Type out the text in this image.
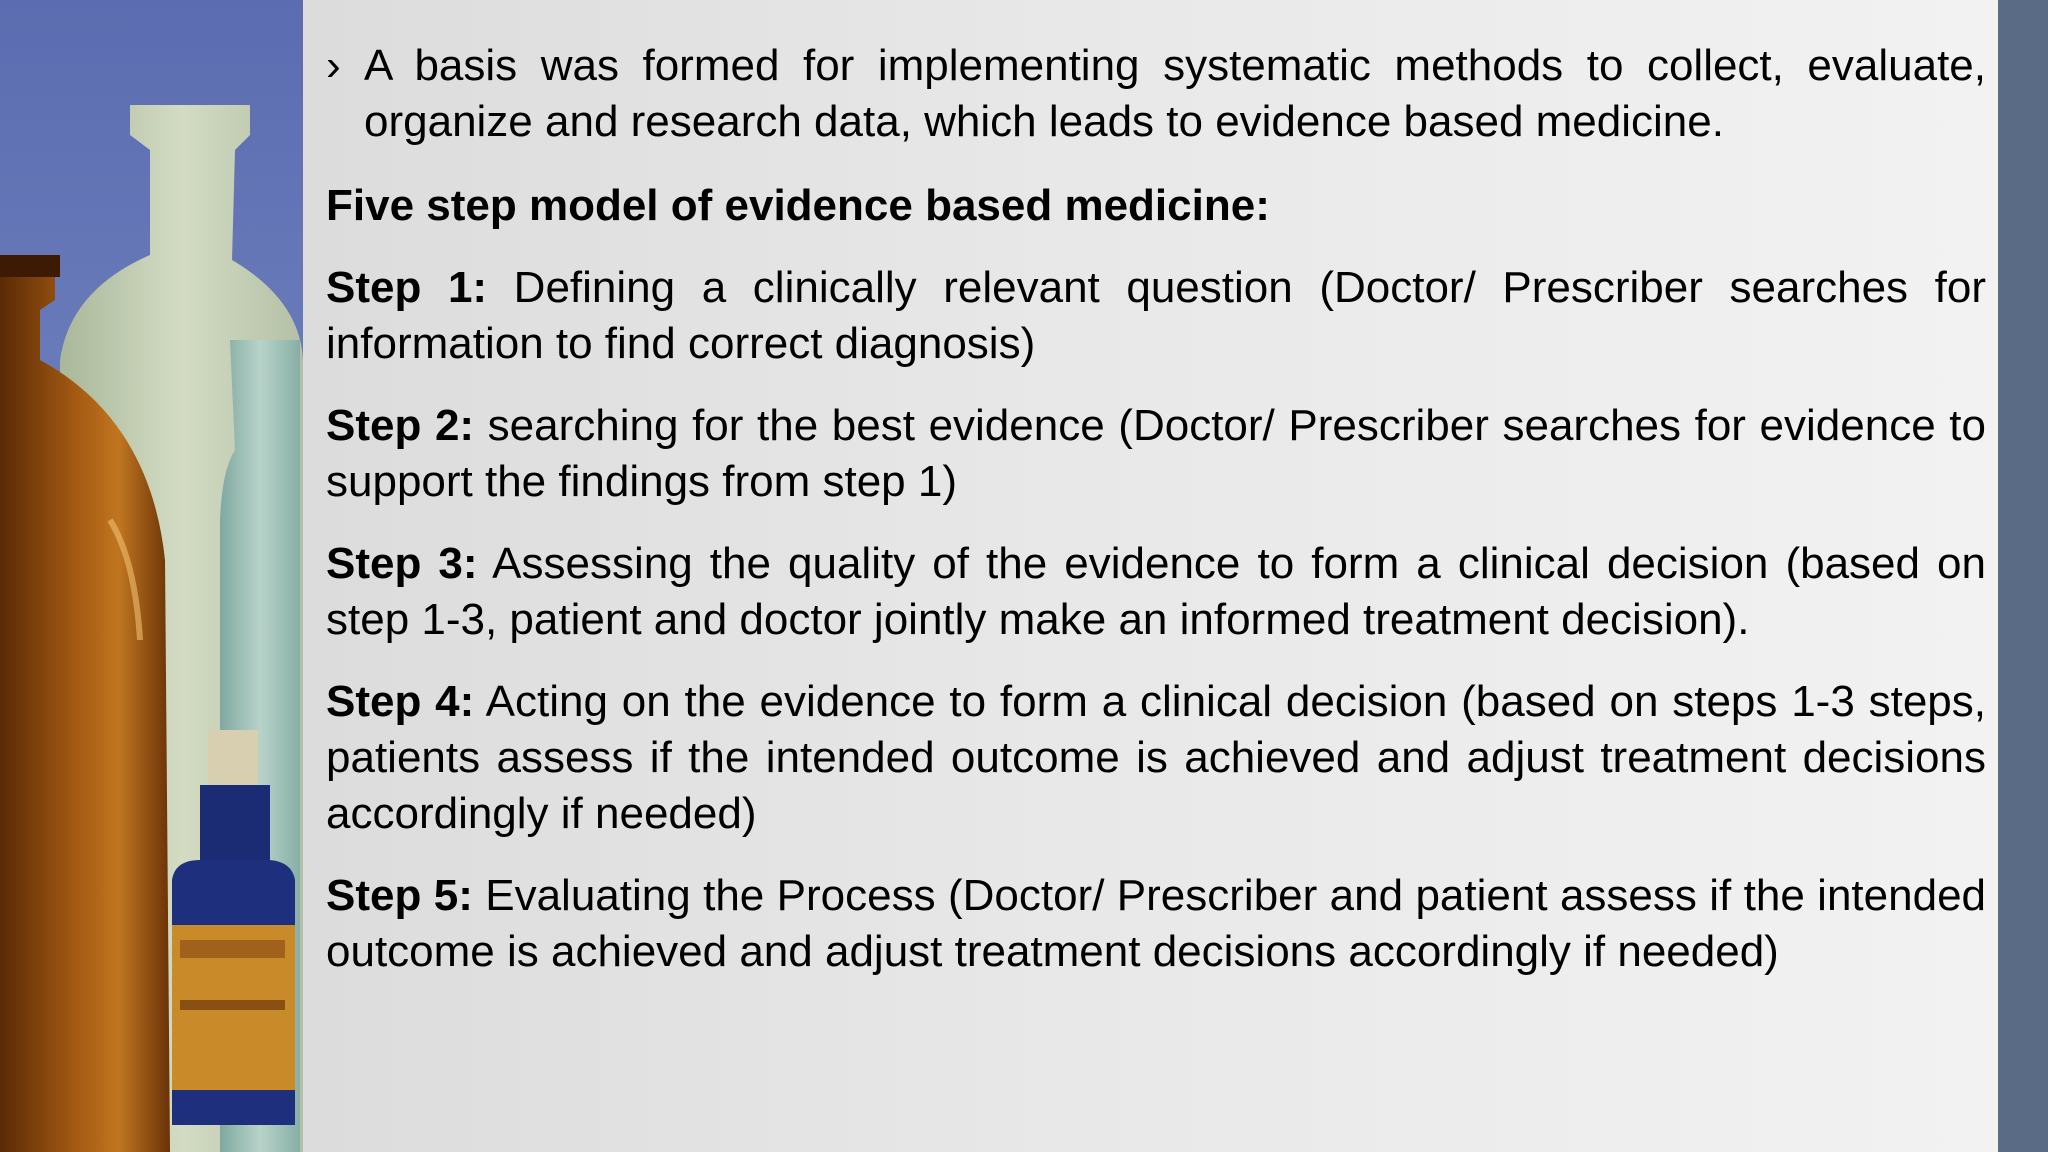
› A basis was formed for implementing systematic methods to collect, evaluate, organize and research data, which leads to evidence based medicine.
Five step model of evidence based medicine:
Step 1: Defining a clinically relevant question (Doctor/ Prescriber searches for information to find correct diagnosis)
Step 2: searching for the best evidence (Doctor/ Prescriber searches for evidence to support the findings from step 1)
Step 3: Assessing the quality of the evidence to form a clinical decision (based on step 1-3, patient and doctor jointly make an informed treatment decision).
Step 4: Acting on the evidence to form a clinical decision (based on steps 1-3 steps, patients assess if the intended outcome is achieved and adjust treatment decisions accordingly if needed)
Step 5: Evaluating the Process (Doctor/ Prescriber and patient assess if the intended outcome is achieved and adjust treatment decisions accordingly if needed)
